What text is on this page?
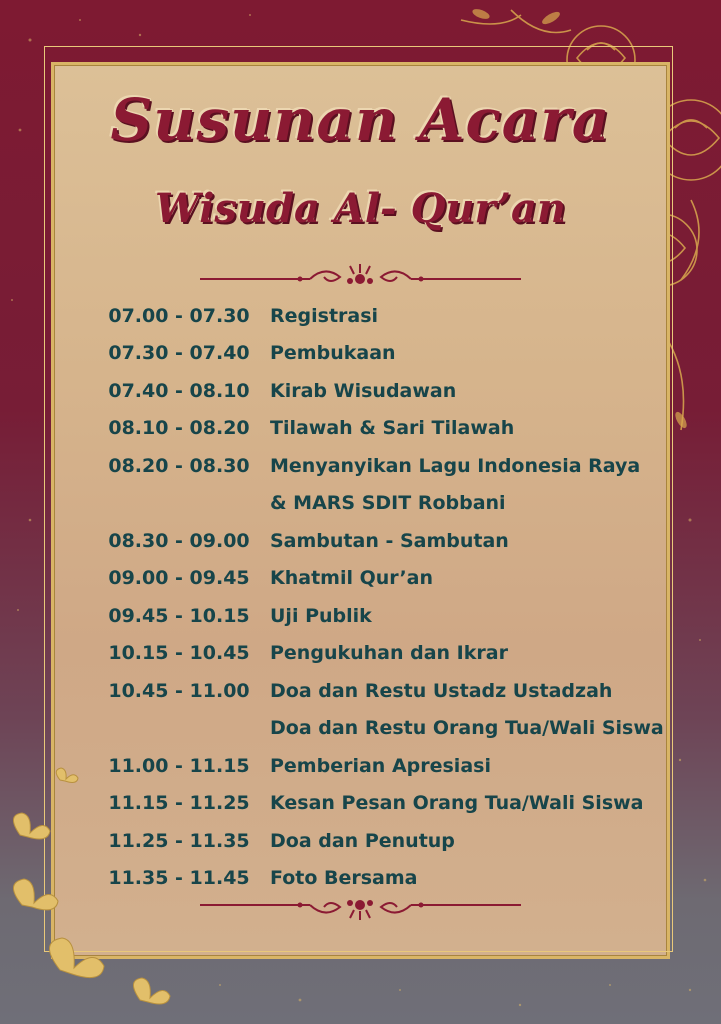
Susunan Acara
Wisuda Al- Qur’an
07.00 - 07.30 Registrasi
07.30 - 07.40 Pembukaan
07.40 - 08.10 Kirab Wisudawan
08.10 - 08.20 Tilawah & Sari Tilawah
08.20 - 08.30 Menyanyikan Lagu Indonesia Raya
& MARS SDIT Robbani
08.30 - 09.00 Sambutan - Sambutan
09.00 - 09.45 Khatmil Qur’an
09.45 - 10.15 Uji Publik
10.15 - 10.45 Pengukuhan dan Ikrar
10.45 - 11.00 Doa dan Restu Ustadz Ustadzah
Doa dan Restu Orang Tua/Wali Siswa
11.00 - 11.15 Pemberian Apresiasi
11.15 - 11.25 Kesan Pesan Orang Tua/Wali Siswa
11.25 - 11.35 Doa dan Penutup
11.35 - 11.45 Foto Bersama
